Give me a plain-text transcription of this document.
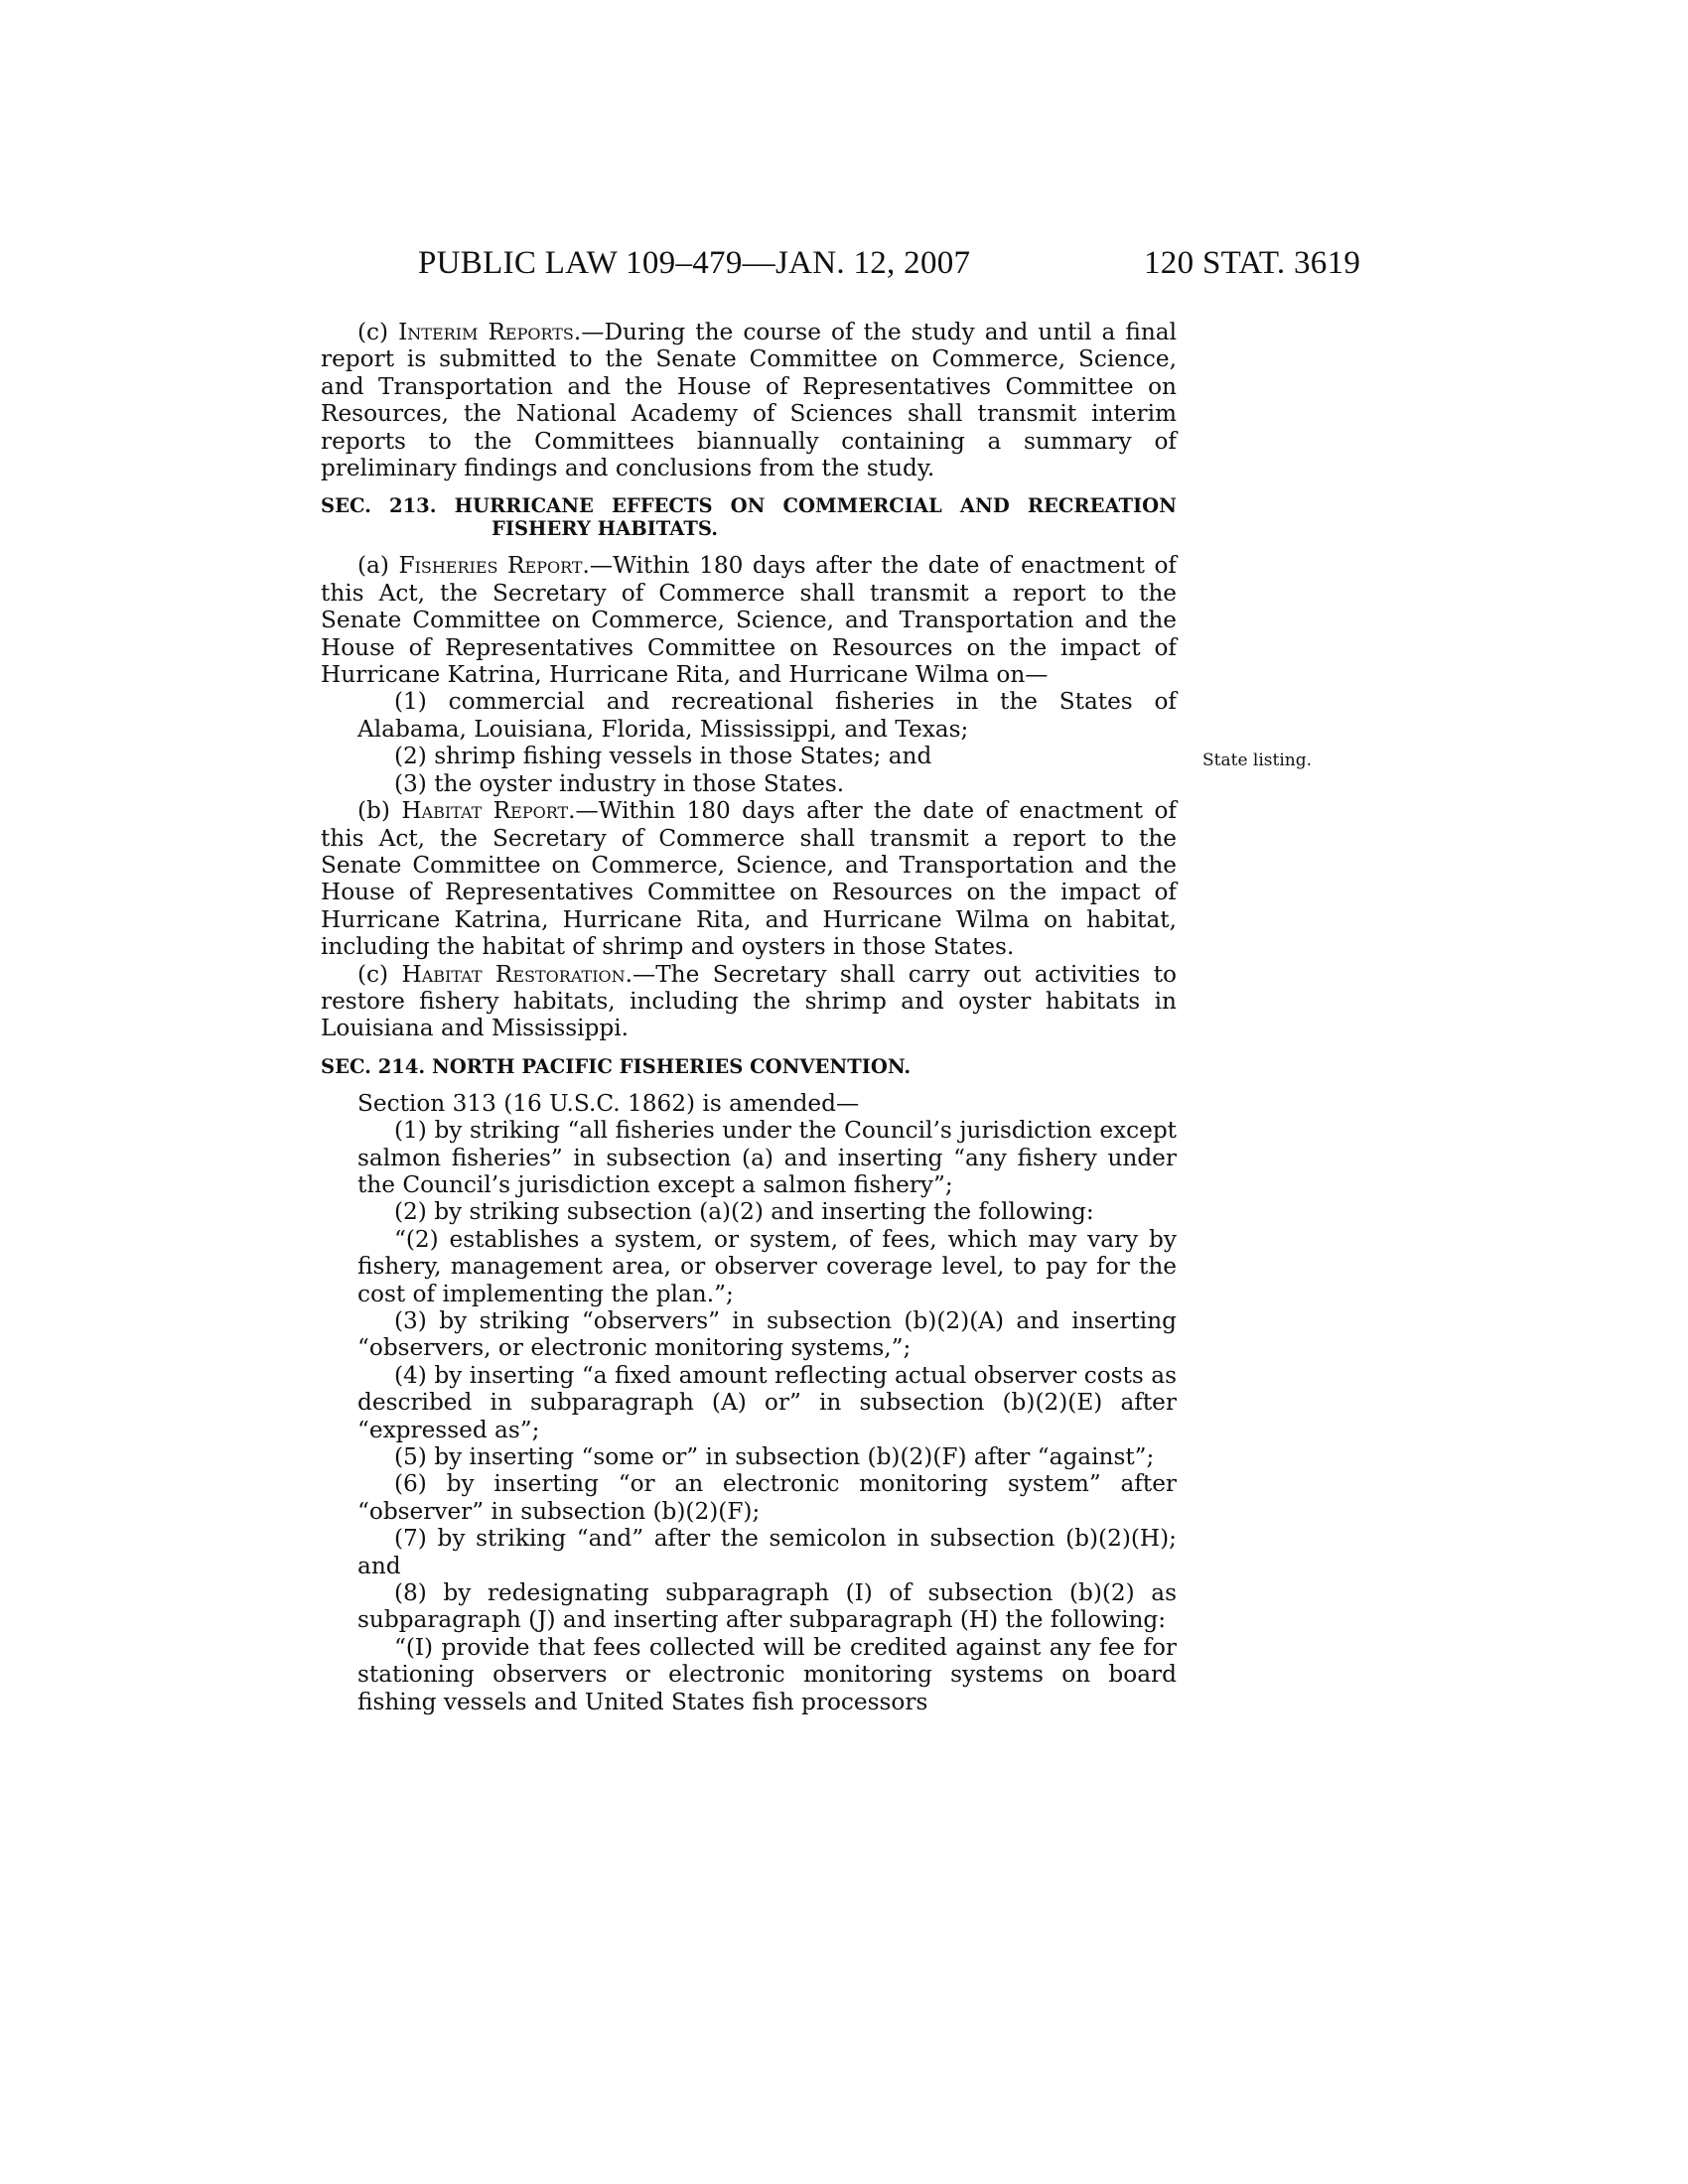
PUBLIC LAW 109–479—JAN. 12, 2007	120 STAT. 3619
State listing.

(c) Interim Reports.—During the course of the study and until a final report is submitted to the Senate Committee on Commerce, Science, and Transportation and the House of Representatives Committee on Resources, the National Academy of Sciences shall transmit interim reports to the Committees biannually containing a summary of preliminary findings and conclusions from the study.

SEC. 213. HURRICANE EFFECTS ON COMMERCIAL AND RECREATION FISHERY HABITATS.

(a) Fisheries Report.—Within 180 days after the date of enactment of this Act, the Secretary of Commerce shall transmit a report to the Senate Committee on Commerce, Science, and Transportation and the House of Representatives Committee on Resources on the impact of Hurricane Katrina, Hurricane Rita, and Hurricane Wilma on—

(1) commercial and recreational fisheries in the States of Alabama, Louisiana, Florida, Mississippi, and Texas;

(2) shrimp fishing vessels in those States; and

(3) the oyster industry in those States.

(b) Habitat Report.—Within 180 days after the date of enactment of this Act, the Secretary of Commerce shall transmit a report to the Senate Committee on Commerce, Science, and Transportation and the House of Representatives Committee on Resources on the impact of Hurricane Katrina, Hurricane Rita, and Hurricane Wilma on habitat, including the habitat of shrimp and oysters in those States.

(c) Habitat Restoration.—The Secretary shall carry out activities to restore fishery habitats, including the shrimp and oyster habitats in Louisiana and Mississippi.

SEC. 214. NORTH PACIFIC FISHERIES CONVENTION.

Section 313 (16 U.S.C. 1862) is amended—

(1) by striking “all fisheries under the Council’s jurisdiction except salmon fisheries” in subsection (a) and inserting “any fishery under the Council’s jurisdiction except a salmon fishery”;

(2) by striking subsection (a)(2) and inserting the following:

“(2) establishes a system, or system, of fees, which may vary by fishery, management area, or observer coverage level, to pay for the cost of implementing the plan.”;

(3) by striking “observers” in subsection (b)(2)(A) and inserting “observers, or electronic monitoring systems,”;

(4) by inserting “a fixed amount reflecting actual observer costs as described in subparagraph (A) or” in subsection (b)(2)(E) after “expressed as”;

(5) by inserting “some or” in subsection (b)(2)(F) after “against”;

(6) by inserting “or an electronic monitoring system” after “observer” in subsection (b)(2)(F);

(7) by striking “and” after the semicolon in subsection (b)(2)(H); and

(8) by redesignating subparagraph (I) of subsection (b)(2) as subparagraph (J) and inserting after subparagraph (H) the following:

“(I) provide that fees collected will be credited against any fee for stationing observers or electronic monitoring systems on board fishing vessels and United States fish processors
